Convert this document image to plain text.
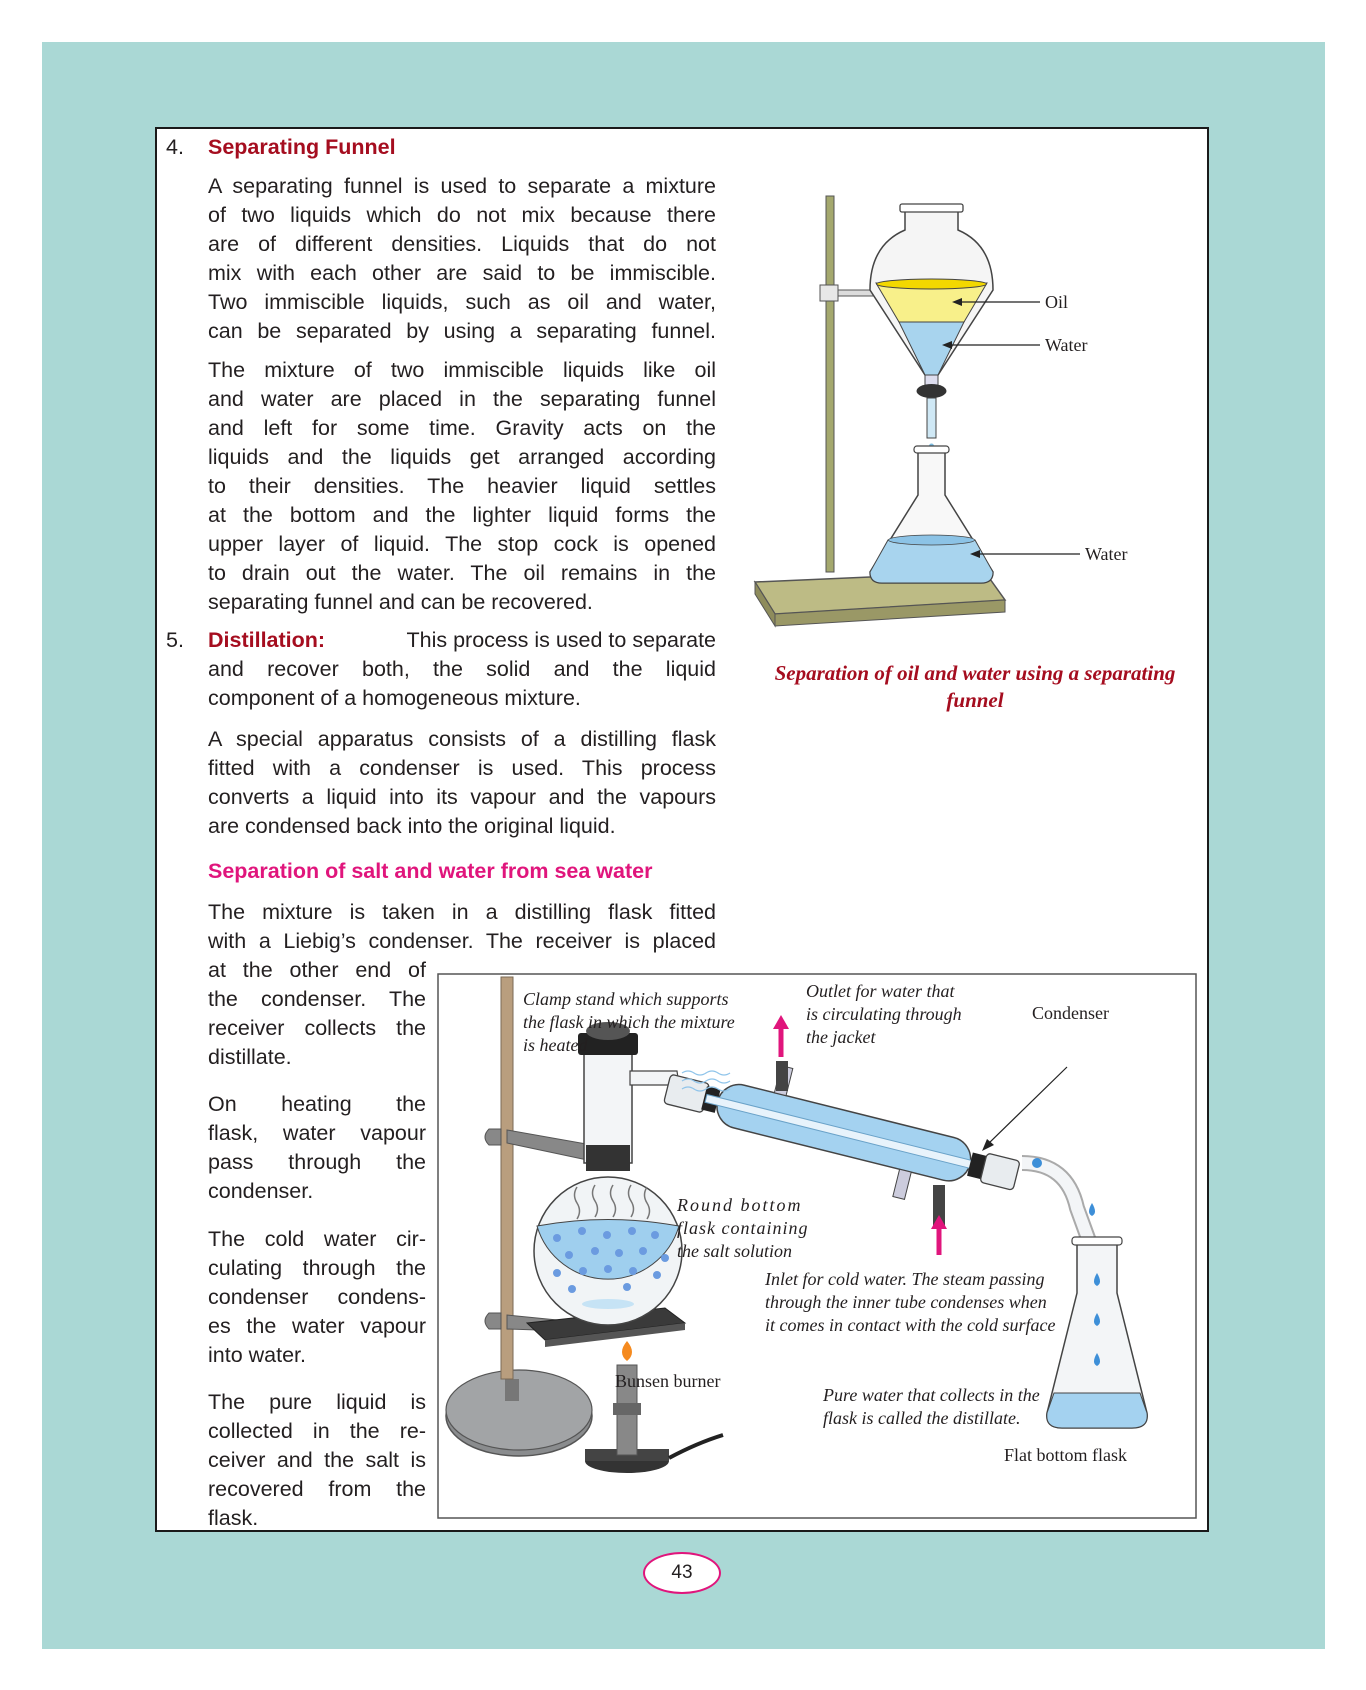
4. Separating Funnel
A separating funnel is used to separate a mixture
of two liquids which do not mix because there
are of different densities. Liquids that do not
mix with each other are said to be immiscible.
Two immiscible liquids, such as oil and water,
can be separated by using a separating funnel.
The mixture of two immiscible liquids like oil
and water are placed in the separating funnel
and left for some time. Gravity acts on the
liquids and the liquids get arranged according
to their densities. The heavier liquid settles
at the bottom and the lighter liquid forms the
upper layer of liquid. The stop cock is opened
to drain out the water. The oil remains in the
separating funnel and can be recovered.
5. Distillation:	This process is used to separate
and recover both, the solid and the liquid
component of a homogeneous mixture.
A special apparatus consists of a distilling flask
fitted with a condenser is used. This process
converts a liquid into its vapour and the vapours
are condensed back into the original liquid.
Separation of salt and water from sea water
The mixture is taken in a distilling flask fitted
with a Liebig’s condenser. The receiver is placed
at the other end of
the condenser. The
receiver collects the
distillate.
On heating the
flask, water vapour
pass through the
condenser.
The cold water cir-
culating through the
condenser condens-
es the water vapour
into water.
The pure liquid is
collected in the re-
ceiver and the salt is
recovered from the
flask.
Oil
Water
Water
Separation of oil and water using a separating
funnel
Clamp stand which supports the flask in which the mixture is heated
Outlet for water that is circulating through the jacket
Condenser
Round bottom flask containing the salt solution
Inlet for cold water. The steam passing through the inner tube condenses when it comes in contact with the cold surface
Bunsen burner
Pure water that collects in the flask is called the distillate.
Flat bottom flask
43
